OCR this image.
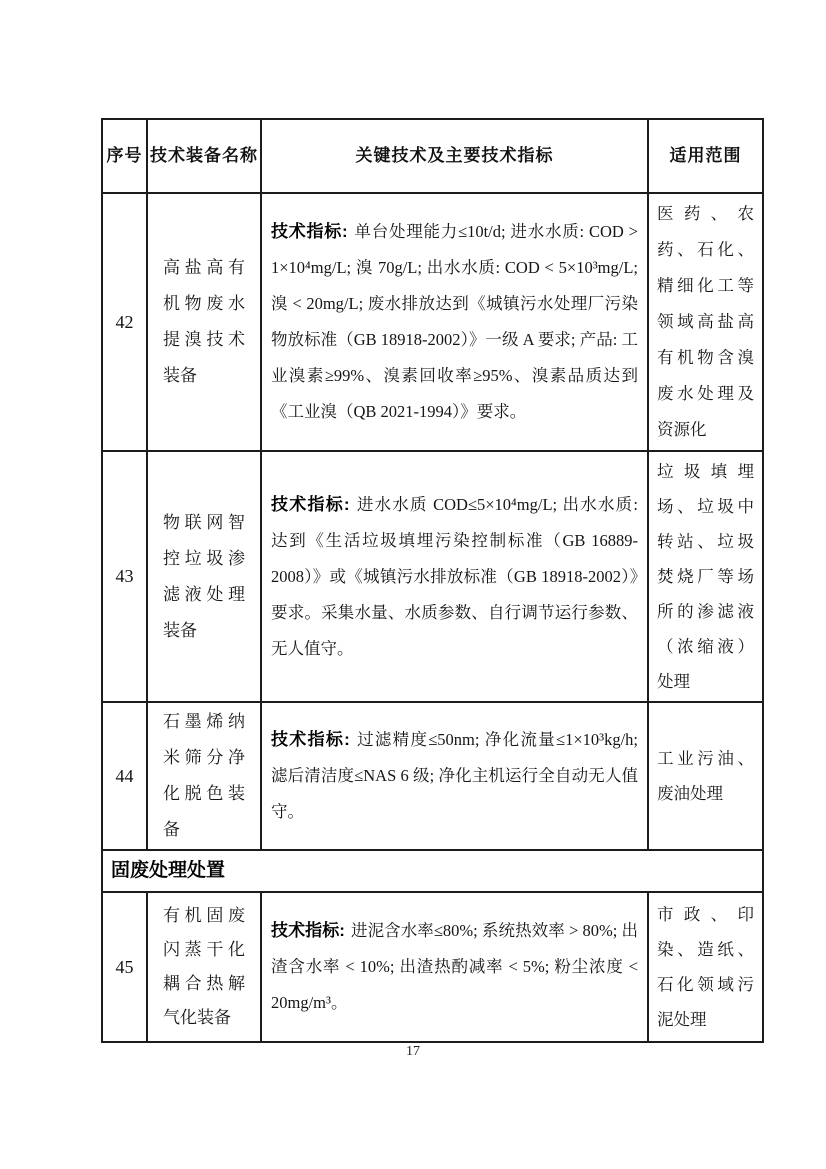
序号	技术装备名称	关键技术及主要技术指标	适用范围
42	高盐高有机物废水提溴技术装备	技术指标: 单台处理能力≤10t/d; 进水水质: COD > 1×10⁴mg/L; 溴 70g/L; 出水水质: COD < 5×10³mg/L; 溴 < 20mg/L; 废水排放达到《城镇污水处理厂污染物放标准（GB 18918-2002）》一级 A 要求; 产品: 工业溴素≥99%、溴素回收率≥95%、溴素品质达到《工业溴（QB 2021-1994）》要求。	医药、农药、石化、精细化工等领域高盐高有机物含溴废水处理及资源化
43	物联网智控垃圾渗滤液处理装备	技术指标: 进水水质 COD≤5×10⁴mg/L; 出水水质: 达到《生活垃圾填埋污染控制标准（GB 16889-2008）》或《城镇污水排放标准（GB 18918-2002）》要求。采集水量、水质参数、自行调节运行参数、无人值守。	垃圾填埋场、垃圾中转站、垃圾焚烧厂等场所的渗滤液（浓缩液）处理
44	石墨烯纳米筛分净化脱色装备	技术指标: 过滤精度≤50nm; 净化流量≤1×10³kg/h; 滤后清洁度≤NAS 6 级; 净化主机运行全自动无人值守。	工业污油、废油处理
固废处理处置			
45	有机固废闪蒸干化耦合热解气化装备	技术指标: 进泥含水率≤80%; 系统热效率 > 80%; 出渣含水率 < 10%; 出渣热酌减率 < 5%; 粉尘浓度 < 20mg/m³。	市政、印染、造纸、石化领域污泥处理
17
